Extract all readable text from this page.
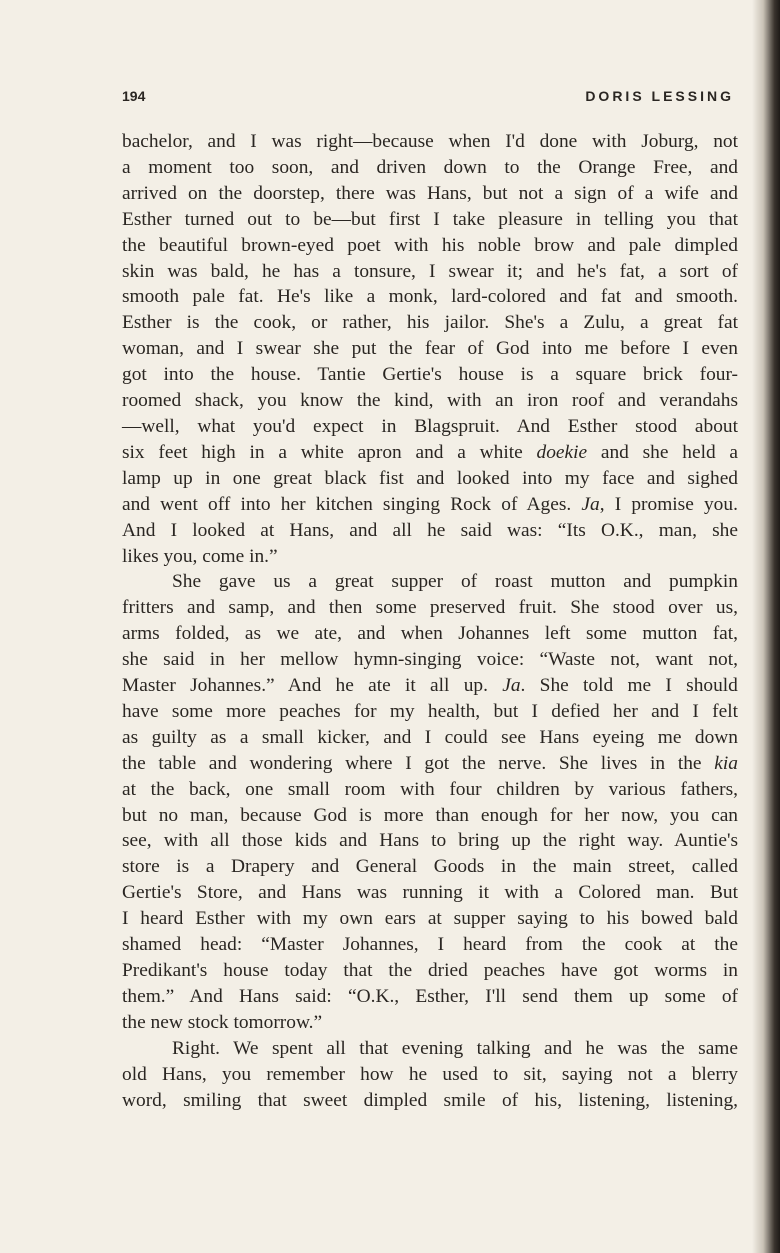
194	DORIS LESSING
bachelor, and I was right—because when I'd done with Joburg, not
a moment too soon, and driven down to the Orange Free, and
arrived on the doorstep, there was Hans, but not a sign of a wife and
Esther turned out to be—but first I take pleasure in telling you that
the beautiful brown-eyed poet with his noble brow and pale dimpled
skin was bald, he has a tonsure, I swear it; and he's fat, a sort of
smooth pale fat. He's like a monk, lard-colored and fat and smooth.
Esther is the cook, or rather, his jailor. She's a Zulu, a great fat
woman, and I swear she put the fear of God into me before I even
got into the house. Tantie Gertie's house is a square brick four-
roomed shack, you know the kind, with an iron roof and verandahs
—well, what you'd expect in Blagspruit. And Esther stood about
six feet high in a white apron and a white doekie and she held a
lamp up in one great black fist and looked into my face and sighed
and went off into her kitchen singing Rock of Ages. Ja, I promise you.
And I looked at Hans, and all he said was: “Its O.K., man, she
likes you, come in.”
She gave us a great supper of roast mutton and pumpkin
fritters and samp, and then some preserved fruit. She stood over us,
arms folded, as we ate, and when Johannes left some mutton fat,
she said in her mellow hymn-singing voice: “Waste not, want not,
Master Johannes.” And he ate it all up. Ja. She told me I should
have some more peaches for my health, but I defied her and I felt
as guilty as a small kicker, and I could see Hans eyeing me down
the table and wondering where I got the nerve. She lives in the kia
at the back, one small room with four children by various fathers,
but no man, because God is more than enough for her now, you can
see, with all those kids and Hans to bring up the right way. Auntie's
store is a Drapery and General Goods in the main street, called
Gertie's Store, and Hans was running it with a Colored man. But
I heard Esther with my own ears at supper saying to his bowed bald
shamed head: “Master Johannes, I heard from the cook at the
Predikant's house today that the dried peaches have got worms in
them.” And Hans said: “O.K., Esther, I'll send them up some of
the new stock tomorrow.”
Right. We spent all that evening talking and he was the same
old Hans, you remember how he used to sit, saying not a blerry
word, smiling that sweet dimpled smile of his, listening, listening,
